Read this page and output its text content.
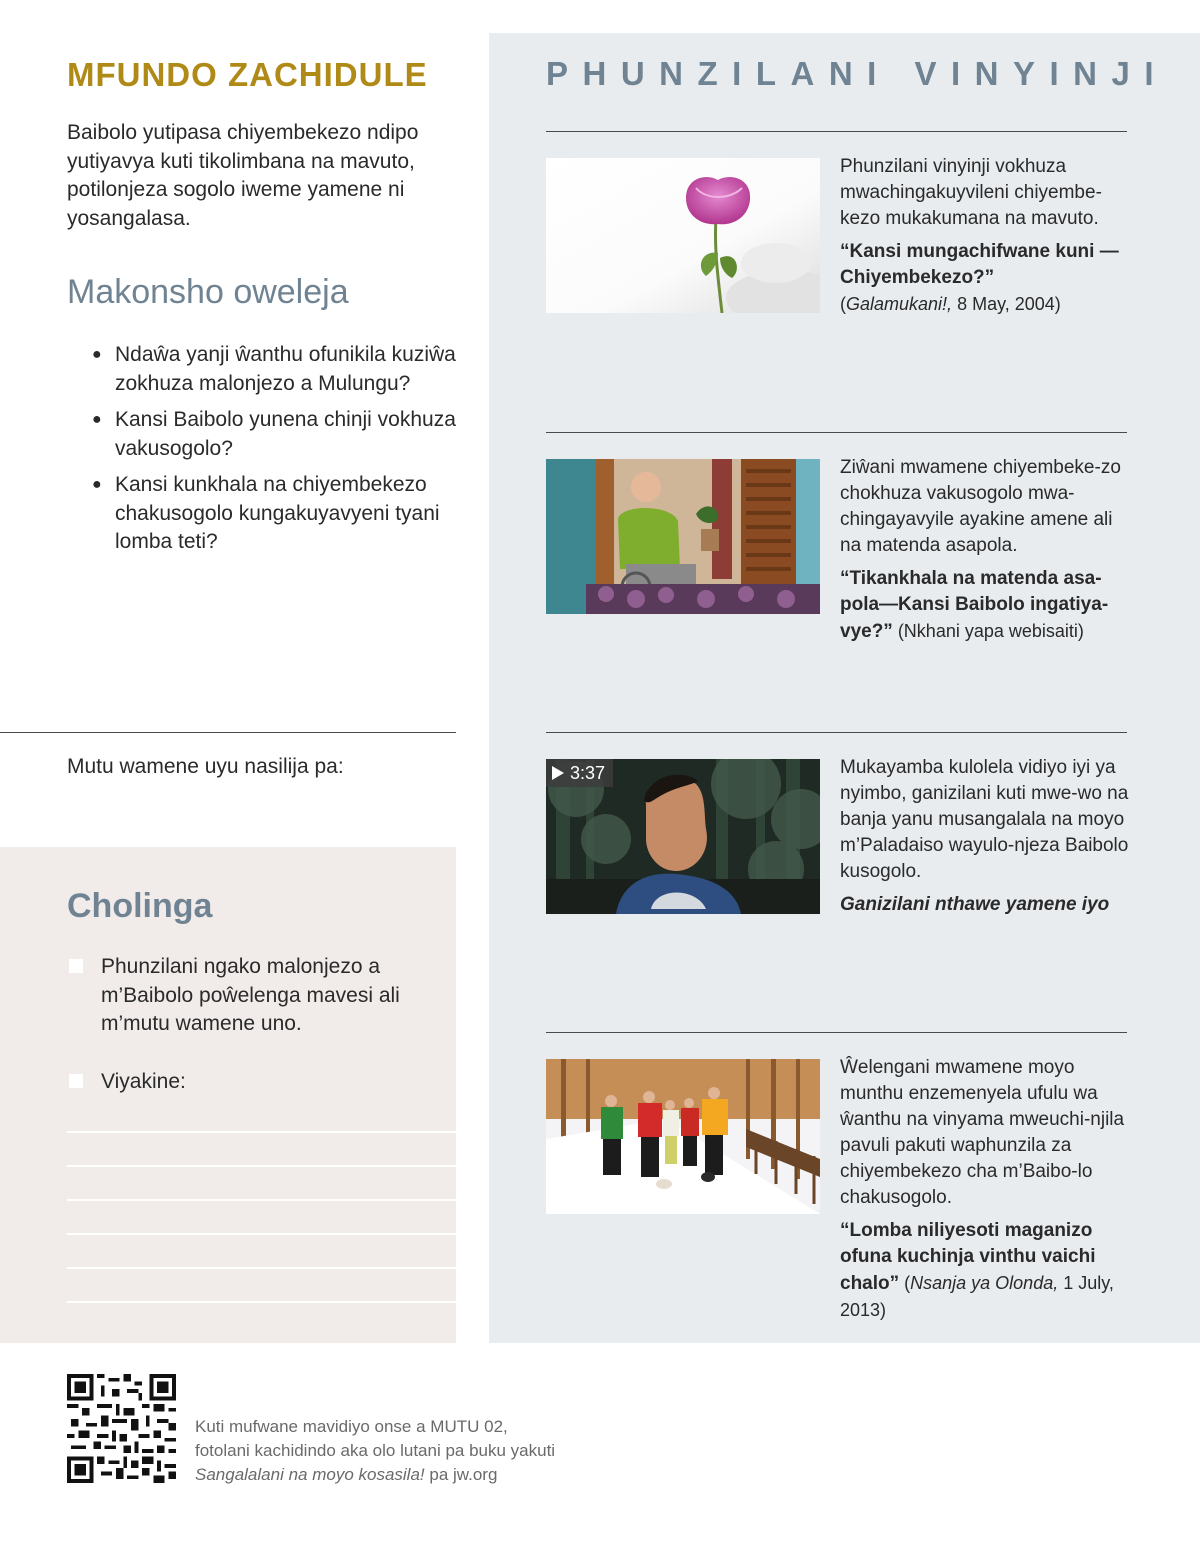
MFUNDO ZACHIDULE

Baibolo yutipasa chiyembekezo ndipo yutiyavya kuti tikolimbana na mavuto, potilonjeza sogolo iweme yamene ni yosangalasa.

Makonsho oweleja
● Ndaŵa yanji ŵanthu ofunikila kuziŵa zokhuza malonjezo a Mulungu?
● Kansi Baibolo yunena chinji vokhuza vakusogolo?
● Kansi kunkhala na chiyembekezo chakusogolo kungakuyavyeni tyani lomba teti?

Mutu wamene uyu nasilija pa:

Cholinga
Phunzilani ngako malonjezo a m’Baibolo poŵelenga mavesi ali m’mutu wamene uno.
Viyakine:
PHUNZILANI VINYINJI
Phunzilani vinyinji vokhuza mwachingakuyvileni chiyembe-kezo mukakumana na mavuto.
“Kansi mungachifwane kuni —Chiyembekezo?”
(Galamukani!, 8 May, 2004)
Ziŵani mwamene chiyembeke-zo chokhuza vakusogolo mwa-chingayavyile ayakine amene ali na matenda asapola.
“Tikankhala na matenda asa-pola—Kansi Baibolo ingatiya-vye?” (Nkhani yapa webisaiti)
3:37	Mukayamba kulolela vidiyo iyi ya nyimbo, ganizilani kuti mwe-wo na banja yanu musangalala na moyo m’Paladaiso wayulo-njeza Baibolo kusogolo.
Ganizilani nthawe yamene iyo
Ŵelengani mwamene moyo munthu enzemenyela ufulu wa ŵanthu na vinyama mweuchi-njila pavuli pakuti waphunzila za chiyembekezo cha m’Baibo-lo chakusogolo.
“Lomba niliyesoti maganizo ofuna kuchinja vinthu vaichi chalo” (Nsanja ya Olonda, 1 July, 2013)
Kuti mufwane mavidiyo onse a MUTU 02,
fotolani kachidindo aka olo lutani pa buku yakuti
Sangalalani na moyo kosasila! pa jw.org
